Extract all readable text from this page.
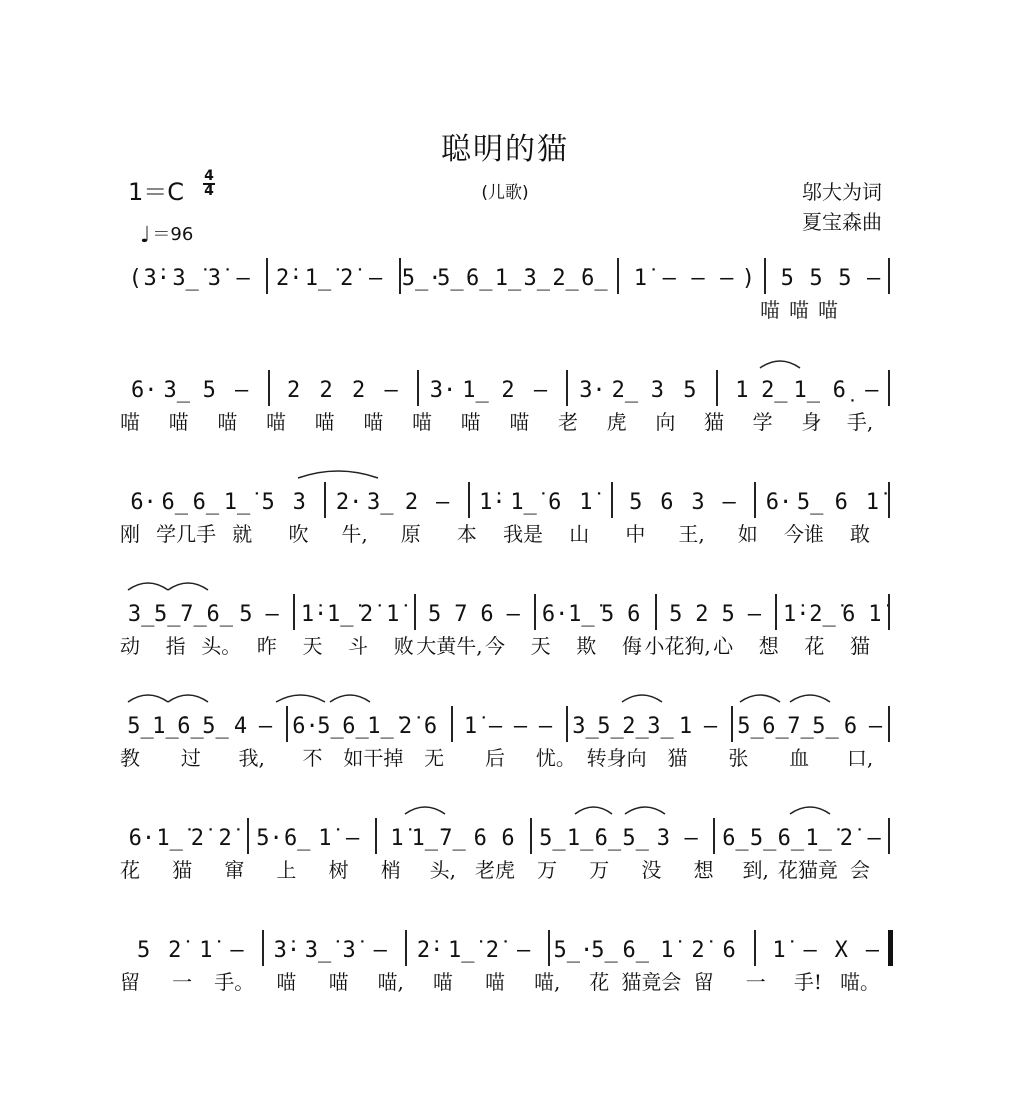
聪明的猫
(儿歌)
1＝C
4
4
♩ ＝96
邬大为词
夏宝森曲
( 3̇· 3̲̇ 3̇ – 2̇· 1̲̇ 2̇ – 5̲·
5̲ 6̲ 1̲̇ 3̲̇ 2̲̇ 6̲ 1̇ – – – ) 5 5 5 –
喵 喵 喵
6· 3̲ 5 – 2 2 2 – 3· 1̲ 2 – 3· 2̲ 3 5 1 2̲ 1̲ 6̣ –
喵 喵 喵 喵 喵 喵 喵 喵 喵 老 虎 向 猫 学 身 手,
6· 6̲ 6̲ 1̲̇ 5 3 2· 3̲ 2 – 1̇· 1̲̇ 6 1̇ 5 6 3 – 6· 5̲ 6 1̇
刚 学几手 就 吹 牛, 原 本 我是 山 中 王, 如 今谁 敢
3̲ 5̲ 7̲ 6̲ 5 – 1̇· 1̲̇ 2̇ 1̇ 5 7 6 – 6· 1̲̇ 5 6 5 2 5 – 1̇· 2̲̇ 6 1̇
动 指 头。 昨 天 斗 败 大黄牛, 今 天 欺 侮 小花狗, 心 想 花 猫
5̲
1̲̇
6̲
5̲ 4 – 6·
5̲
6̲
1̲̇ 2̇ 6 1̇ – – – 3̲
5̲
2̲
3̲ 1 – 5̲
6̲
7̲
5̲ 6 –
教 过 我, 不 如干掉 无 后 忧。 转身向 猫 张 血 口,
6· 1̲̇ 2̇ 2̇ 5· 6̲ 1̇ – 1̇ 1̲̇ 7̲ 6 6 5̲ 1̲̇ 6̲ 5̲ 3 – 6̲ 5̲ 6̲ 1̲̇ 2̇ –
花 猫 窜 上 树 梢 头, 老虎 万 万 没 想 到, 花猫竟 会
5 2̇ 1̇ – 3̇· 3̲̇ 3̇ – 2̇· 1̲̇ 2̇ – 5̲·
5̲ 6̲ 1̇ 2̇ 6 1̇ – X –
留 一 手。 喵 喵 喵, 喵 喵 喵, 花 猫竟会 留 一 手! 喵。
